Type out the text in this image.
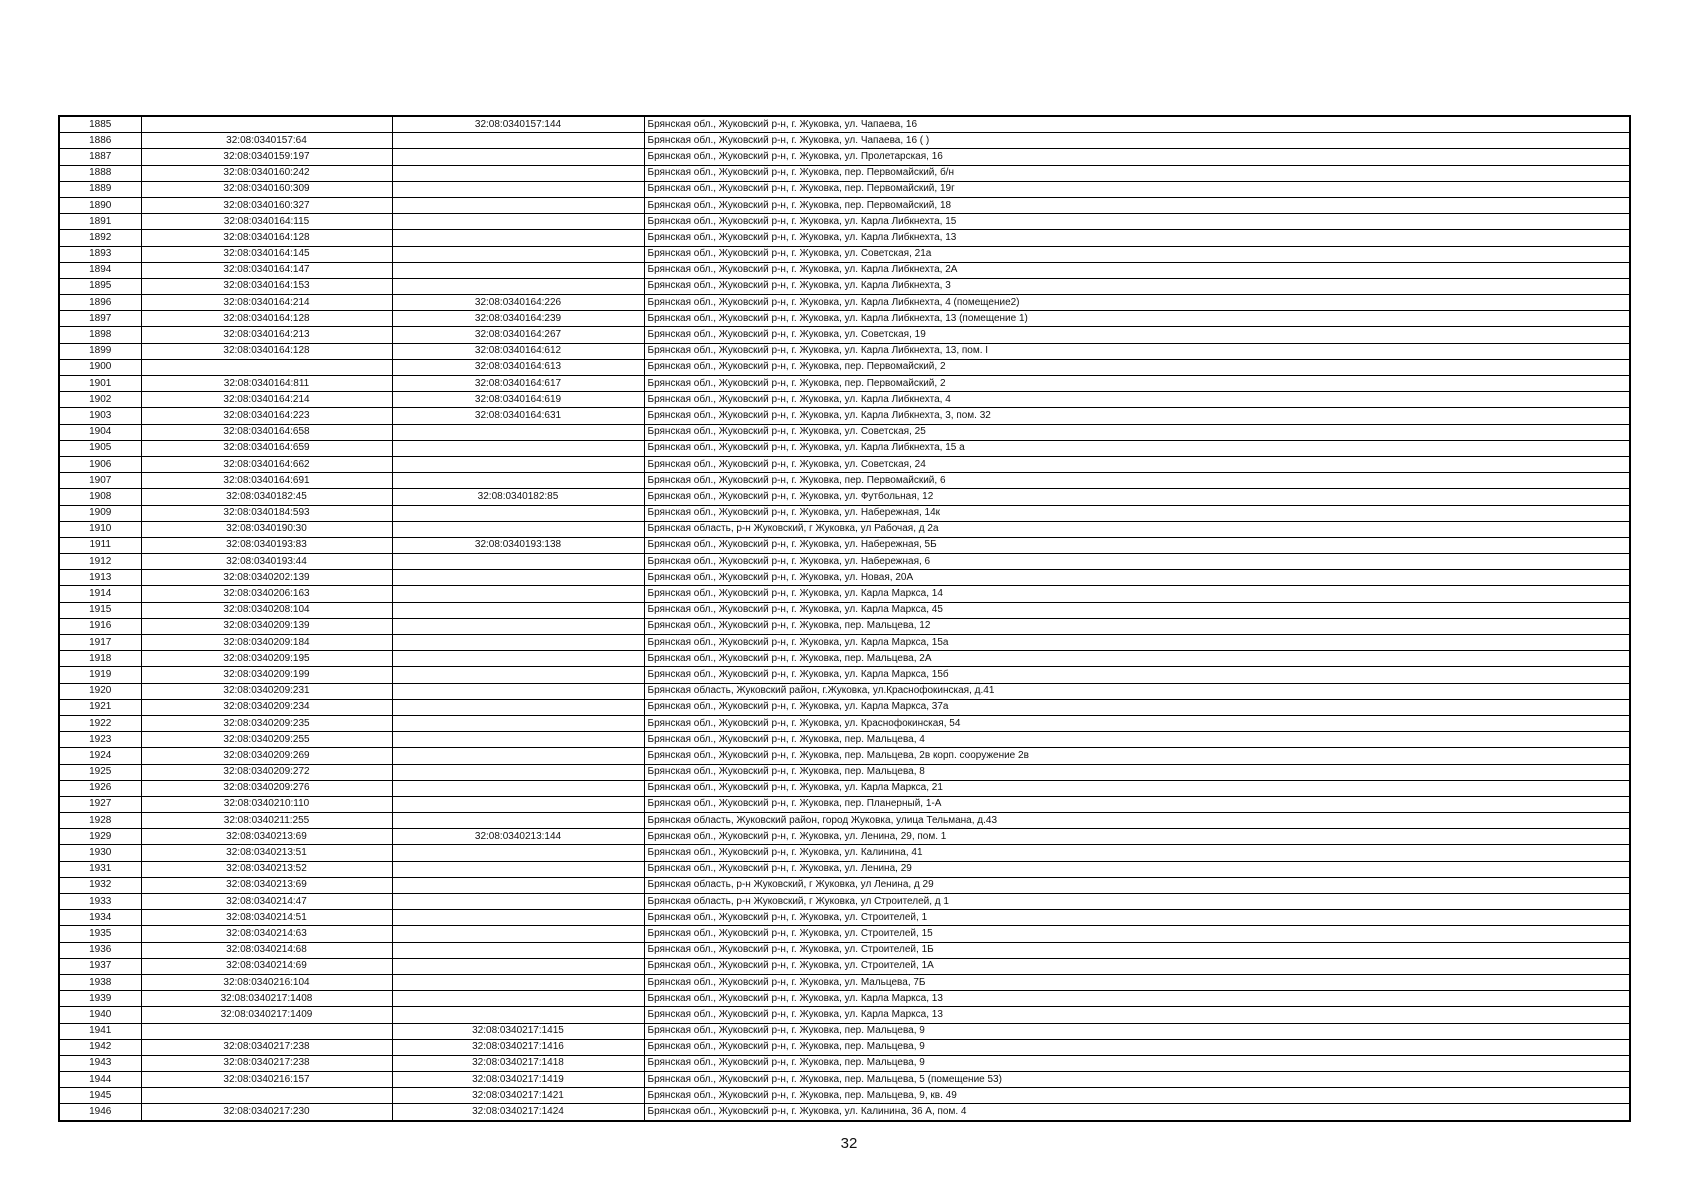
1885		32:08:0340157:144	Брянская обл., Жуковский р-н, г. Жуковка, ул. Чапаева, 16
1886	32:08:0340157:64		Брянская обл., Жуковский р-н, г. Жуковка, ул. Чапаева, 16 ( )
1887	32:08:0340159:197		Брянская обл., Жуковский р-н, г. Жуковка, ул. Пролетарская, 16
1888	32:08:0340160:242		Брянская обл., Жуковский р-н, г. Жуковка, пер. Первомайский, б/н
1889	32:08:0340160:309		Брянская обл., Жуковский р-н, г. Жуковка, пер. Первомайский, 19г
1890	32:08:0340160:327		Брянская обл., Жуковский р-н, г. Жуковка, пер. Первомайский, 18
1891	32:08:0340164:115		Брянская обл., Жуковский р-н, г. Жуковка, ул. Карла Либкнехта, 15
1892	32:08:0340164:128		Брянская обл., Жуковский р-н, г. Жуковка, ул. Карла Либкнехта, 13
1893	32:08:0340164:145		Брянская обл., Жуковский р-н, г. Жуковка, ул. Советская, 21а
1894	32:08:0340164:147		Брянская обл., Жуковский р-н, г. Жуковка, ул. Карла Либкнехта, 2А
1895	32:08:0340164:153		Брянская обл., Жуковский р-н, г. Жуковка, ул. Карла Либкнехта, 3
1896	32:08:0340164:214	32:08:0340164:226	Брянская обл., Жуковский р-н, г. Жуковка, ул. Карла Либкнехта, 4 (помещение2)
1897	32:08:0340164:128	32:08:0340164:239	Брянская обл., Жуковский р-н, г. Жуковка, ул. Карла Либкнехта, 13 (помещение 1)
1898	32:08:0340164:213	32:08:0340164:267	Брянская обл., Жуковский р-н, г. Жуковка, ул. Советская, 19
1899	32:08:0340164:128	32:08:0340164:612	Брянская обл., Жуковский р-н, г. Жуковка, ул. Карла Либкнехта, 13, пом. I
1900		32:08:0340164:613	Брянская обл., Жуковский р-н, г. Жуковка, пер. Первомайский, 2
1901	32:08:0340164:811	32:08:0340164:617	Брянская обл., Жуковский р-н, г. Жуковка, пер. Первомайский, 2
1902	32:08:0340164:214	32:08:0340164:619	Брянская обл., Жуковский р-н, г. Жуковка, ул. Карла Либкнехта, 4
1903	32:08:0340164:223	32:08:0340164:631	Брянская обл., Жуковский р-н, г. Жуковка, ул. Карла Либкнехта, 3, пом. 32
1904	32:08:0340164:658		Брянская обл., Жуковский р-н, г. Жуковка, ул. Советская, 25
1905	32:08:0340164:659		Брянская обл., Жуковский р-н, г. Жуковка, ул. Карла Либкнехта, 15 а
1906	32:08:0340164:662		Брянская обл., Жуковский р-н, г. Жуковка, ул. Советская, 24
1907	32:08:0340164:691		Брянская обл., Жуковский р-н, г. Жуковка, пер. Первомайский, 6
1908	32:08:0340182:45	32:08:0340182:85	Брянская обл., Жуковский р-н, г. Жуковка, ул. Футбольная, 12
1909	32:08:0340184:593		Брянская обл., Жуковский р-н, г. Жуковка, ул. Набережная, 14к
1910	32:08:0340190:30		Брянская область, р-н Жуковский, г Жуковка, ул Рабочая, д 2а
1911	32:08:0340193:83	32:08:0340193:138	Брянская обл., Жуковский р-н, г. Жуковка, ул. Набережная, 5Б
1912	32:08:0340193:44		Брянская обл., Жуковский р-н, г. Жуковка, ул. Набережная, 6
1913	32:08:0340202:139		Брянская обл., Жуковский р-н, г. Жуковка, ул. Новая, 20А
1914	32:08:0340206:163		Брянская обл., Жуковский р-н, г. Жуковка, ул. Карла Маркса, 14
1915	32:08:0340208:104		Брянская обл., Жуковский р-н, г. Жуковка, ул. Карла Маркса, 45
1916	32:08:0340209:139		Брянская обл., Жуковский р-н, г. Жуковка, пер. Мальцева, 12
1917	32:08:0340209:184		Брянская обл., Жуковский р-н, г. Жуковка, ул. Карла Маркса, 15а
1918	32:08:0340209:195		Брянская обл., Жуковский р-н, г. Жуковка, пер. Мальцева, 2А
1919	32:08:0340209:199		Брянская обл., Жуковский р-н, г. Жуковка, ул. Карла Маркса, 15б
1920	32:08:0340209:231		Брянская область, Жуковский район, г.Жуковка, ул.Краснофокинская, д.41
1921	32:08:0340209:234		Брянская обл., Жуковский р-н, г. Жуковка, ул. Карла Маркса, 37а
1922	32:08:0340209:235		Брянская обл., Жуковский р-н, г. Жуковка, ул. Краснофокинская, 54
1923	32:08:0340209:255		Брянская обл., Жуковский р-н, г. Жуковка, пер. Мальцева, 4
1924	32:08:0340209:269		Брянская обл., Жуковский р-н, г. Жуковка, пер. Мальцева, 2в корп. сооружение 2в
1925	32:08:0340209:272		Брянская обл., Жуковский р-н, г. Жуковка, пер. Мальцева, 8
1926	32:08:0340209:276		Брянская обл., Жуковский р-н, г. Жуковка, ул. Карла Маркса, 21
1927	32:08:0340210:110		Брянская обл., Жуковский р-н, г. Жуковка, пер. Планерный, 1-А
1928	32:08:0340211:255		Брянская область, Жуковский район, город Жуковка, улица Тельмана, д.43
1929	32:08:0340213:69	32:08:0340213:144	Брянская обл., Жуковский р-н, г. Жуковка, ул. Ленина, 29, пом. 1
1930	32:08:0340213:51		Брянская обл., Жуковский р-н, г. Жуковка, ул. Калинина, 41
1931	32:08:0340213:52		Брянская обл., Жуковский р-н, г. Жуковка, ул. Ленина, 29
1932	32:08:0340213:69		Брянская область, р-н Жуковский, г Жуковка, ул Ленина, д 29
1933	32:08:0340214:47		Брянская область, р-н Жуковский, г Жуковка, ул Строителей, д 1
1934	32:08:0340214:51		Брянская обл., Жуковский р-н, г. Жуковка, ул. Строителей, 1
1935	32:08:0340214:63		Брянская обл., Жуковский р-н, г. Жуковка, ул. Строителей, 15
1936	32:08:0340214:68		Брянская обл., Жуковский р-н, г. Жуковка, ул. Строителей, 1Б
1937	32:08:0340214:69		Брянская обл., Жуковский р-н, г. Жуковка, ул. Строителей, 1А
1938	32:08:0340216:104		Брянская обл., Жуковский р-н, г. Жуковка, ул. Мальцева, 7Б
1939	32:08:0340217:1408		Брянская обл., Жуковский р-н, г. Жуковка, ул. Карла Маркса, 13
1940	32:08:0340217:1409		Брянская обл., Жуковский р-н, г. Жуковка, ул. Карла Маркса, 13
1941		32:08:0340217:1415	Брянская обл., Жуковский р-н, г. Жуковка, пер. Мальцева, 9
1942	32:08:0340217:238	32:08:0340217:1416	Брянская обл., Жуковский р-н, г. Жуковка, пер. Мальцева, 9
1943	32:08:0340217:238	32:08:0340217:1418	Брянская обл., Жуковский р-н, г. Жуковка, пер. Мальцева, 9
1944	32:08:0340216:157	32:08:0340217:1419	Брянская обл., Жуковский р-н, г. Жуковка, пер. Мальцева, 5 (помещение 53)
1945		32:08:0340217:1421	Брянская обл., Жуковский р-н, г. Жуковка, пер. Мальцева, 9, кв. 49
1946	32:08:0340217:230	32:08:0340217:1424	Брянская обл., Жуковский р-н, г. Жуковка, ул. Калинина, 36 А, пом. 4
32
